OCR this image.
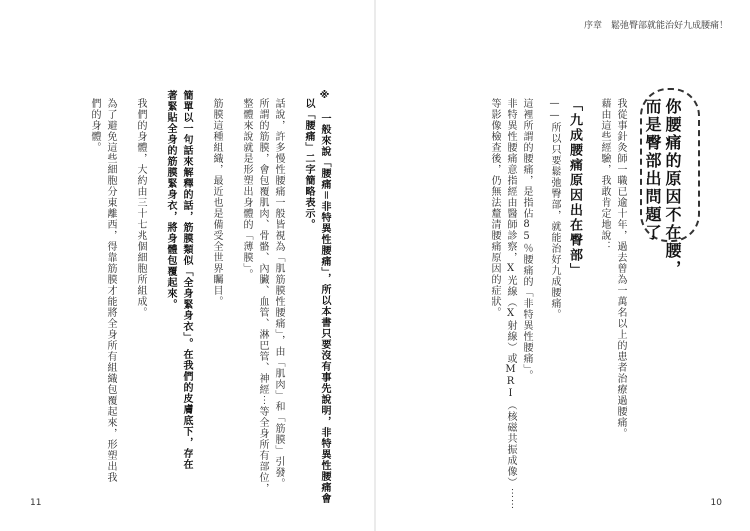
序章　鬆弛臀部就能治好九成腰痛！
你腰痛的原因不在腰，
而是臀部出問題了
我從事針灸師一職已逾十年，過去曾為一萬名以上的患者治療過腰痛。
藉由這些經驗，我敢肯定地說：
「九成腰痛原因出在臀部」
——所以只要鬆弛臀部，就能治好九成腰痛。
這裡所謂的腰痛，是指佔85％腰痛的「非特異性腰痛」。
非特異性腰痛意指經由醫師診察，X光線（X射線）或MRI（核磁共振成像）⋯⋯
等影像檢查後，仍無法釐清腰痛原因的症狀。
※　一般來說「腰痛＝非特異性腰痛」，所以本書只要沒有事先說明，非特異性腰痛會
以「腰痛」二字簡略表示。
話說，許多慢性腰痛一般皆視為「肌筋膜性腰痛」，由「肌肉」和「筋膜」引發。
所謂的筋膜，會包覆肌肉、骨骼、內臟、血管、淋巴管、神經⋯等全身所有部位，
整體來說就是形塑出身體的「薄膜」。
筋膜這種組織，最近也是備受全世界矚目。
簡單以一句話來解釋的話，筋膜類似「全身緊身衣」。在我們的皮膚底下，存在
著緊貼全身的筋膜緊身衣，將身體包覆起來。
我們的身體，大約由三十七兆個細胞所組成。
為了避免這些細胞分東離西，得靠筋膜才能將全身所有組織包覆起來，形塑出我
們的身體。
11	10
